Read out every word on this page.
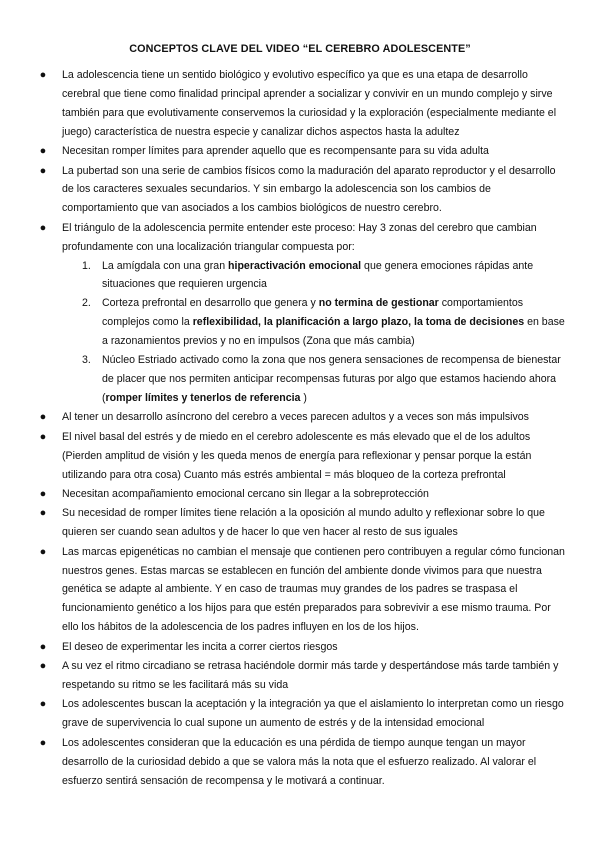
CONCEPTOS CLAVE DEL VIDEO “EL CEREBRO ADOLESCENTE”
●	La adolescencia tiene un sentido biológico y evolutivo específico ya que es una etapa de desarrollo cerebral que tiene como finalidad principal aprender a socializar y convivir en un mundo complejo y sirve también para que evolutivamente conservemos la curiosidad y la exploración (especialmente mediante el juego) característica de nuestra especie y canalizar dichos aspectos hasta la adultez
●	Necesitan romper límites para aprender aquello que es recompensante para su vida adulta
●	La pubertad son una serie de cambios físicos como la maduración del aparato reproductor y el desarrollo de los caracteres sexuales secundarios. Y sin embargo la adolescencia son los cambios de comportamiento que van asociados a los cambios biológicos de nuestro cerebro.
●	El triángulo de la adolescencia permite entender este proceso: Hay 3 zonas del cerebro que cambian profundamente con una localización triangular compuesta por:
1. La amígdala con una gran hiperactivación emocional que genera emociones rápidas ante situaciones que requieren urgencia
2. Corteza prefrontal en desarrollo que genera y no termina de gestionar comportamientos complejos como la reflexibilidad, la planificación a largo plazo, la toma de decisiones en base a razonamientos previos y no en impulsos (Zona que más cambia)
3. Núcleo Estriado activado como la zona que nos genera sensaciones de recompensa de bienestar de placer que nos permiten anticipar recompensas futuras por algo que estamos haciendo ahora (romper límites y tenerlos de referencia )
●	Al tener un desarrollo asíncrono del cerebro a veces parecen adultos y a veces son más impulsivos
●	El nivel basal del estrés y de miedo en el cerebro adolescente es más elevado que el de los adultos (Pierden amplitud de visión y les queda menos de energía para reflexionar y pensar porque la están utilizando para otra cosa) Cuanto más estrés ambiental = más bloqueo de la corteza prefrontal
●	Necesitan acompañamiento emocional cercano sin llegar a la sobreprotección
●	Su necesidad de romper límites tiene relación a la oposición al mundo adulto y reflexionar sobre lo que quieren ser cuando sean adultos y de hacer lo que ven hacer al resto de sus iguales
●	Las marcas epigenéticas no cambian el mensaje que contienen pero contribuyen a regular cómo funcionan nuestros genes. Estas marcas se establecen en función del ambiente donde vivimos para que nuestra genética se adapte al ambiente. Y en caso de traumas muy grandes de los padres se traspasa el funcionamiento genético a los hijos para que estén preparados para sobrevivir a ese mismo trauma. Por ello los hábitos de la adolescencia de los padres influyen en los de los hijos.
●	El deseo de experimentar les incita a correr ciertos riesgos
●	A su vez el ritmo circadiano se retrasa haciéndole dormir más tarde y despertándose más tarde también y respetando su ritmo se les facilitará más su vida
●	Los adolescentes buscan la aceptación y la integración ya que el aislamiento lo interpretan como un riesgo grave de supervivencia lo cual supone un aumento de estrés y de la intensidad emocional
●	Los adolescentes consideran que la educación es una pérdida de tiempo aunque tengan un mayor desarrollo de la curiosidad debido a que se valora más la nota que el esfuerzo realizado. Al valorar el esfuerzo sentirá sensación de recompensa y le motivará a continuar.
